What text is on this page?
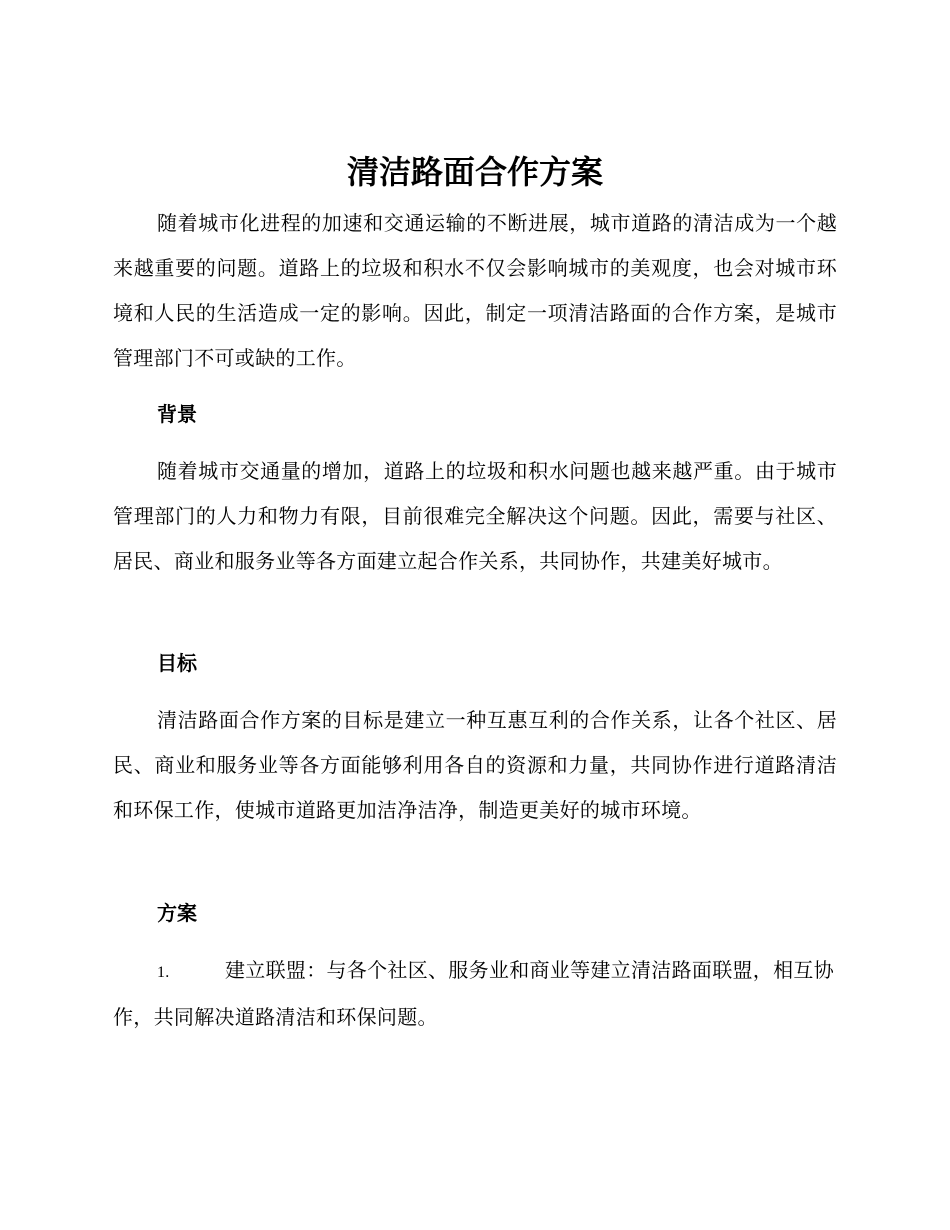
清洁路面合作方案

随着城市化进程的加速和交通运输的不断进展，城市道路的清洁成为一个越来越重要的问题。道路上的垃圾和积水不仅会影响城市的美观度，也会对城市环境和人民的生活造成一定的影响。因此，制定一项清洁路面的合作方案，是城市管理部门不可或缺的工作。

背景

随着城市交通量的增加，道路上的垃圾和积水问题也越来越严重。由于城市管理部门的人力和物力有限，目前很难完全解决这个问题。因此，需要与社区、居民、商业和服务业等各方面建立起合作关系，共同协作，共建美好城市。

目标

清洁路面合作方案的目标是建立一种互惠互利的合作关系，让各个社区、居民、商业和服务业等各方面能够利用各自的资源和力量，共同协作进行道路清洁和环保工作，使城市道路更加洁净洁净，制造更美好的城市环境。

方案

1.	建立联盟：与各个社区、服务业和商业等建立清洁路面联盟，相互协作，共同解决道路清洁和环保问题。
